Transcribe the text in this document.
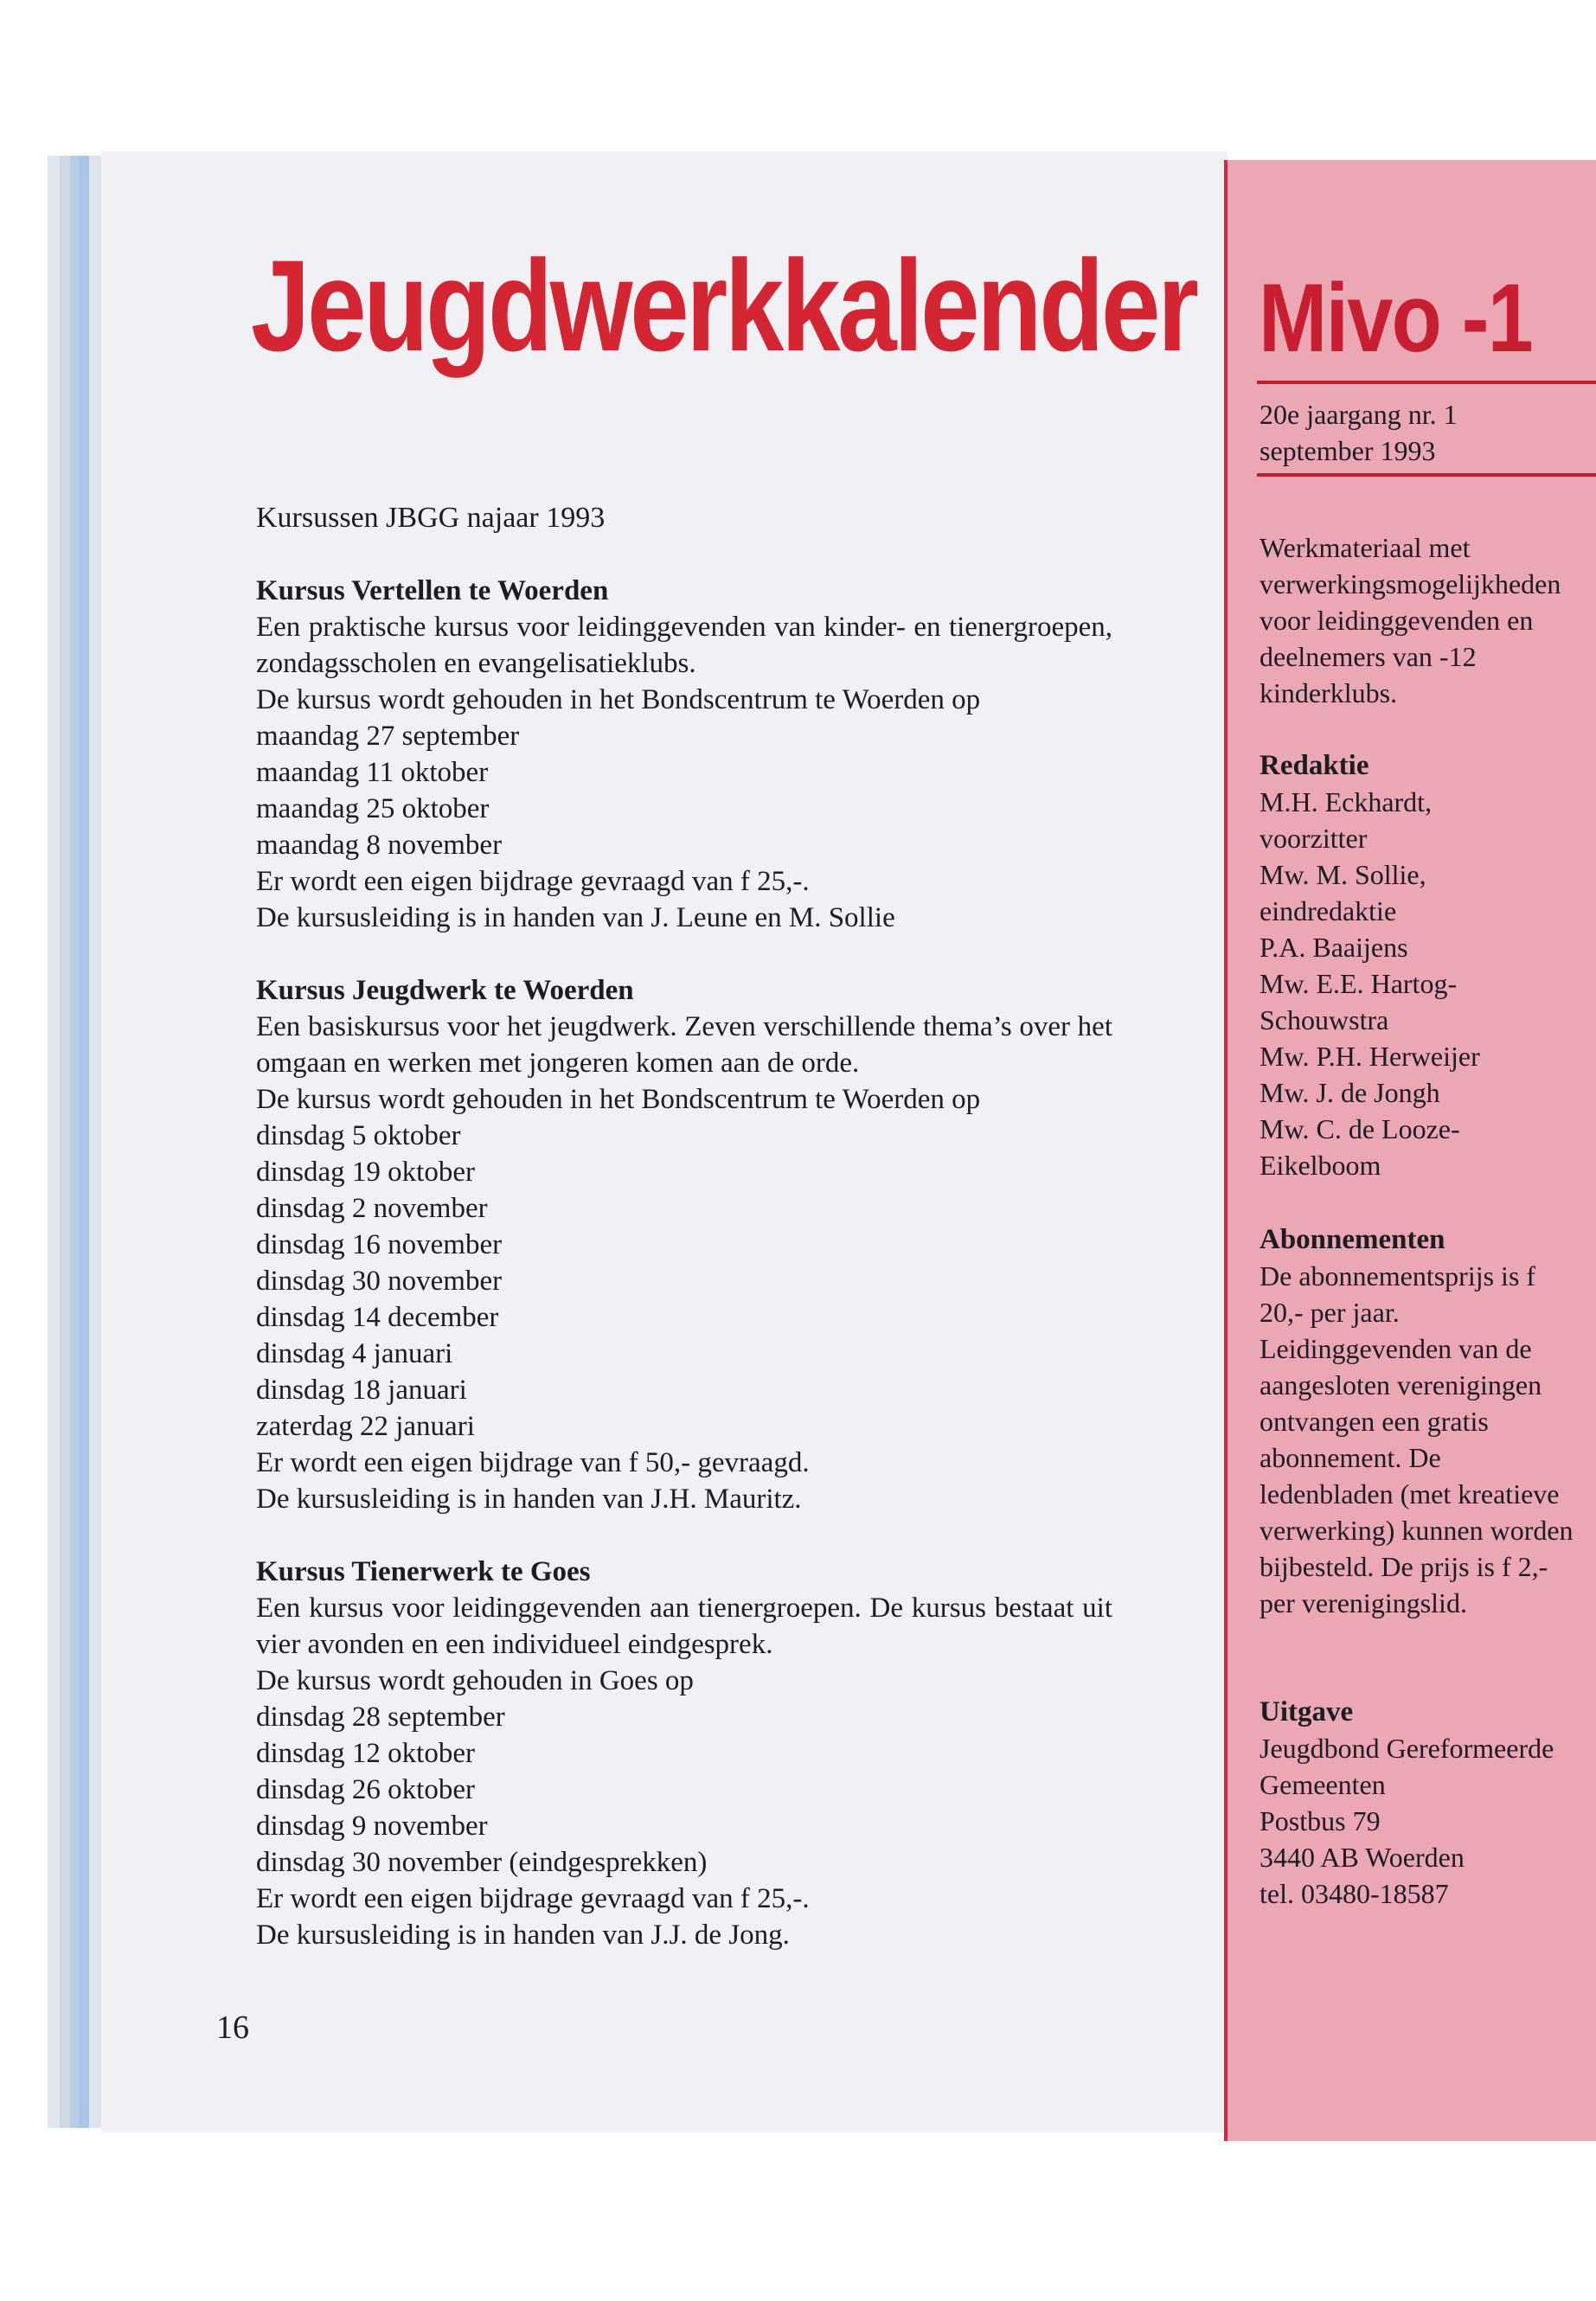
Jeugdwerkkalender Mivo -1
20e jaargang nr. 1
september 1993

Kursussen JBGG najaar 1993

Kursus Vertellen te Woerden

Een praktische kursus voor leidinggevenden van kinder- en tienergroepen, zondagsscholen en evangelisatieklubs.

De kursus wordt gehouden in het Bondscentrum te Woerden op

maandag 27 september

maandag 11 oktober

maandag 25 oktober

maandag 8 november

Er wordt een eigen bijdrage gevraagd van f 25,-.

De kursusleiding is in handen van J. Leune en M. Sollie

Kursus Jeugdwerk te Woerden

Een basiskursus voor het jeugdwerk. Zeven verschillende thema’s over het omgaan en werken met jongeren komen aan de orde.

De kursus wordt gehouden in het Bondscentrum te Woerden op

dinsdag 5 oktober

dinsdag 19 oktober

dinsdag 2 november

dinsdag 16 november

dinsdag 30 november

dinsdag 14 december

dinsdag 4 januari

dinsdag 18 januari

zaterdag 22 januari

Er wordt een eigen bijdrage van f 50,- gevraagd.

De kursusleiding is in handen van J.H. Mauritz.

Kursus Tienerwerk te Goes

Een kursus voor leidinggevenden aan tienergroepen. De kursus bestaat uit vier avonden en een individueel eindgesprek.

De kursus wordt gehouden in Goes op

dinsdag 28 september

dinsdag 12 oktober

dinsdag 26 oktober

dinsdag 9 november

dinsdag 30 november (eindgesprekken)

Er wordt een eigen bijdrage gevraagd van f 25,-.

De kursusleiding is in handen van J.J. de Jong.

Werkmateriaal met verwerkingsmogelijkheden voor leidinggevenden en deelnemers van -12 kinderklubs.

Redaktie

M.H. Eckhardt,

voorzitter

Mw. M. Sollie,

eindredaktie

P.A. Baaijens

Mw. E.E. Hartog-

Schouwstra

Mw. P.H. Herweijer

Mw. J. de Jongh

Mw. C. de Looze-

Eikelboom

Abonnementen

De abonnementsprijs is f 20,- per jaar. Leidinggevenden van de aangesloten verenigingen ontvangen een gratis abonnement. De ledenbladen (met kreatieve verwerking) kunnen worden bijbesteld. De prijs is f 2,- per verenigingslid.

Uitgave

Jeugdbond Gereformeerde Gemeenten

Postbus 79

3440 AB Woerden

tel. 03480-18587

16
